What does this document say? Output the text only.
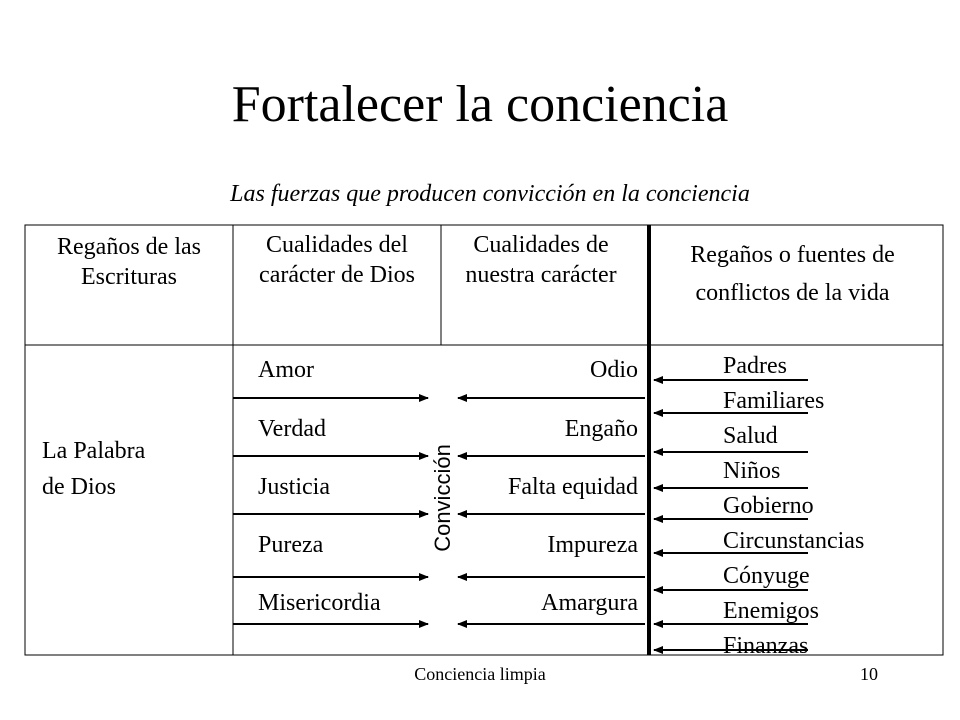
Fortalecer la conciencia
Las fuerzas que producen convicción en la conciencia
Regaños de las Escrituras
Cualidades del carácter de Dios
Cualidades de nuestra carácter
Regaños o fuentes de conflictos de la vida
La Palabra
de Dios
Amor
Verdad
Justicia
Pureza
Misericordia
Odio
Engaño
Falta equidad
Impureza
Amargura
Convicción
Padres
Familiares
Salud
Niños
Gobierno
Circunstancias
Cónyuge
Enemigos
Finanzas
Conciencia limpia	10
